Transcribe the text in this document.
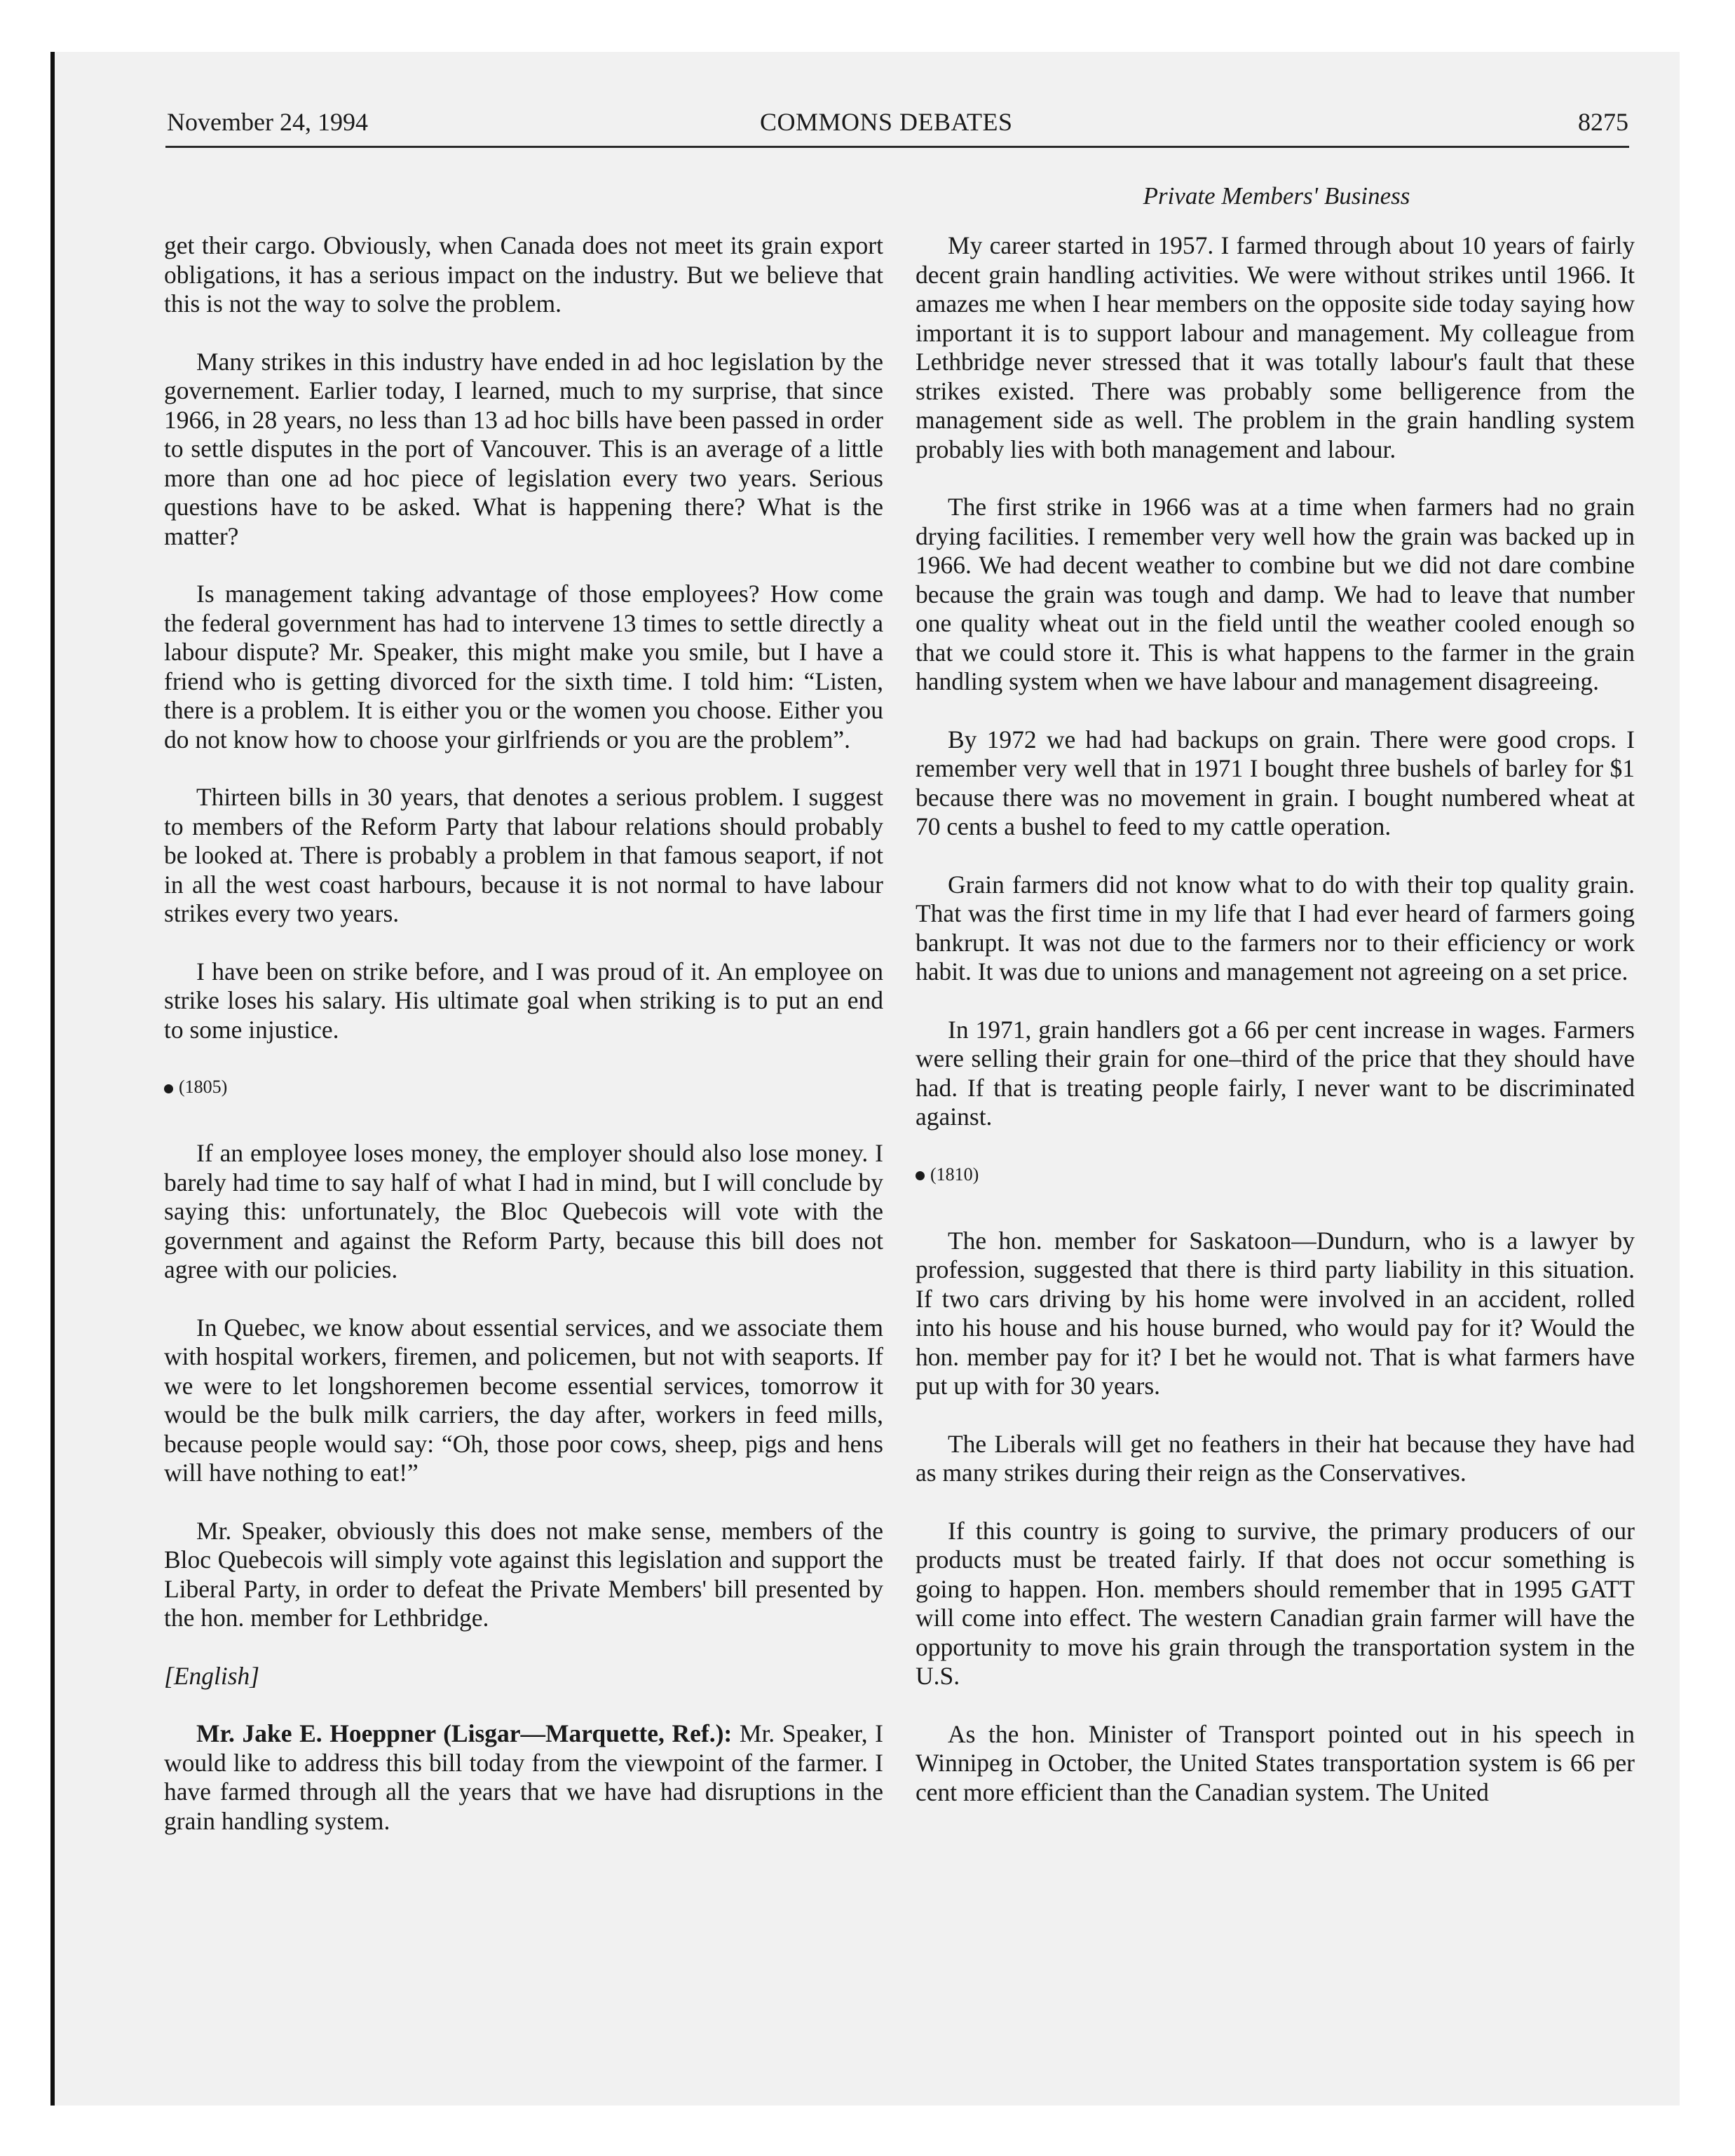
November 24, 1994	COMMONS DEBATES	8275
Private Members' Business

get their cargo. Obviously, when Canada does not meet its grain export obligations, it has a serious impact on the industry. But we believe that this is not the way to solve the problem.

Many strikes in this industry have ended in ad hoc legislation by the governement. Earlier today, I learned, much to my surprise, that since 1966, in 28 years, no less than 13 ad hoc bills have been passed in order to settle disputes in the port of Vancouver. This is an average of a little more than one ad hoc piece of legislation every two years. Serious questions have to be asked. What is happening there? What is the matter?

Is management taking advantage of those employees? How come the federal government has had to intervene 13 times to settle directly a labour dispute? Mr. Speaker, this might make you smile, but I have a friend who is getting divorced for the sixth time. I told him: “Listen, there is a problem. It is either you or the women you choose. Either you do not know how to choose your girlfriends or you are the problem”.

Thirteen bills in 30 years, that denotes a serious problem. I suggest to members of the Reform Party that labour relations should probably be looked at. There is probably a problem in that famous seaport, if not in all the west coast harbours, because it is not normal to have labour strikes every two years.

I have been on strike before, and I was proud of it. An employee on strike loses his salary. His ultimate goal when striking is to put an end to some injustice.

(1805)

If an employee loses money, the employer should also lose money. I barely had time to say half of what I had in mind, but I will conclude by saying this: unfortunately, the Bloc Quebecois will vote with the government and against the Reform Party, because this bill does not agree with our policies.

In Quebec, we know about essential services, and we associate them with hospital workers, firemen, and policemen, but not with seaports. If we were to let longshoremen become essential services, tomorrow it would be the bulk milk carriers, the day after, workers in feed mills, because people would say: “Oh, those poor cows, sheep, pigs and hens will have nothing to eat!”

Mr. Speaker, obviously this does not make sense, members of the Bloc Quebecois will simply vote against this legislation and support the Liberal Party, in order to defeat the Private Members' bill presented by the hon. member for Lethbridge.

[English]

Mr. Jake E. Hoeppner (Lisgar—Marquette, Ref.): Mr. Speaker, I would like to address this bill today from the viewpoint of the farmer. I have farmed through all the years that we have had disruptions in the grain handling system.

My career started in 1957. I farmed through about 10 years of fairly decent grain handling activities. We were without strikes until 1966. It amazes me when I hear members on the opposite side today saying how important it is to support labour and management. My colleague from Lethbridge never stressed that it was totally labour's fault that these strikes existed. There was probably some belligerence from the management side as well. The problem in the grain handling system probably lies with both management and labour.

The first strike in 1966 was at a time when farmers had no grain drying facilities. I remember very well how the grain was backed up in 1966. We had decent weather to combine but we did not dare combine because the grain was tough and damp. We had to leave that number one quality wheat out in the field until the weather cooled enough so that we could store it. This is what happens to the farmer in the grain handling system when we have labour and management disagreeing.

By 1972 we had had backups on grain. There were good crops. I remember very well that in 1971 I bought three bushels of barley for $1 because there was no movement in grain. I bought numbered wheat at 70 cents a bushel to feed to my cattle operation.

Grain farmers did not know what to do with their top quality grain. That was the first time in my life that I had ever heard of farmers going bankrupt. It was not due to the farmers nor to their efficiency or work habit. It was due to unions and management not agreeing on a set price.

In 1971, grain handlers got a 66 per cent increase in wages. Farmers were selling their grain for one–third of the price that they should have had. If that is treating people fairly, I never want to be discriminated against.

(1810)

The hon. member for Saskatoon—Dundurn, who is a lawyer by profession, suggested that there is third party liability in this situation. If two cars driving by his home were involved in an accident, rolled into his house and his house burned, who would pay for it? Would the hon. member pay for it? I bet he would not. That is what farmers have put up with for 30 years.

The Liberals will get no feathers in their hat because they have had as many strikes during their reign as the Conservatives.

If this country is going to survive, the primary producers of our products must be treated fairly. If that does not occur something is going to happen. Hon. members should remember that in 1995 GATT will come into effect. The western Canadian grain farmer will have the opportunity to move his grain through the transportation system in the U.S.

As the hon. Minister of Transport pointed out in his speech in Winnipeg in October, the United States transportation system is 66 per cent more efficient than the Canadian system. The United
